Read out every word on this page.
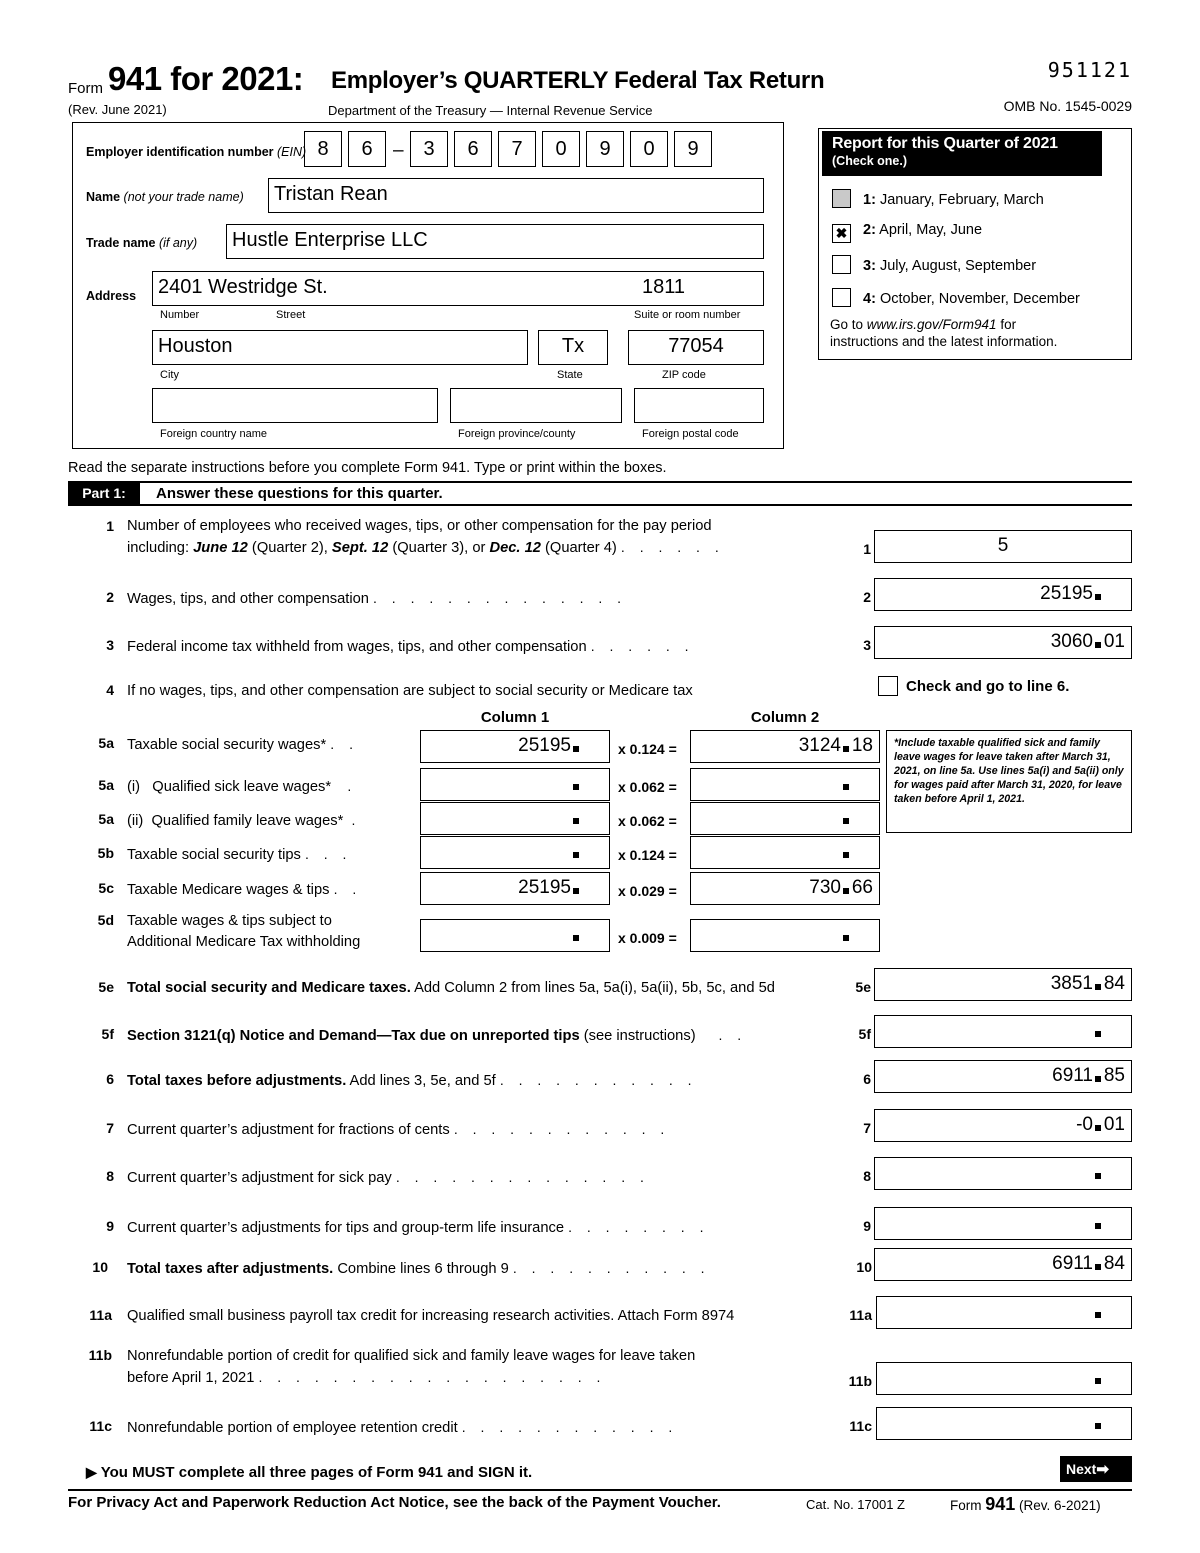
Form 941 for 2021: Employer’s QUARTERLY Federal Tax Return
(Rev. June 2021)	Department of the Treasury — Internal Revenue Service
951121
OMB No. 1545-0029
Employer identification number (EIN) 8	6	– 3	6	7	0	9	0	9
Name (not your trade name) Tristan Rean
Trade name (if any) Hustle Enterprise LLC
Address 2401 Westridge St.	1811
Number	Street	Suite or room number
Houston	Tx	77054
City	State	ZIP code
Foreign country name	Foreign province/county	Foreign postal code
Report for this Quarter of 2021
(Check one.)
1: January, February, March
✖ 2: April, May, June
3: July, August, September
4: October, November, December
Go to www.irs.gov/Form941 for
instructions and the latest information.
Read the separate instructions before you complete Form 941. Type or print within the boxes.
Part 1:	Answer these questions for this quarter.
1 Number of employees who received wages, tips, or other compensation for the pay period
including: June 12 (Quarter 2), Sept. 12 (Quarter 3), or Dec. 12 (Quarter 4) . . . . . .	1	5
2 Wages, tips, and other compensation . . . . . . . . . . . . . .	2	25195
3 Federal income tax withheld from wages, tips, and other compensation . . . . . .	3	3060 01
4 If no wages, tips, and other compensation are subject to social security or Medicare tax	Check and go to line 6.
Column 1	Column 2
5a Taxable social security wages* . .	25195	x 0.124 =	3124 18	*Include taxable qualified sick and family leave wages for leave taken after March 31, 2021, on line 5a. Use lines 5a(i) and 5a(ii) only for wages paid after March 31, 2020, for leave taken before April 1, 2021.
5a (i) Qualified sick leave wages* .	x 0.062 =
5a (ii) Qualified family leave wages* .	x 0.062 =
5b Taxable social security tips . . .	x 0.124 =
5c Taxable Medicare wages & tips . .	25195	x 0.029 =	730 66
5d Taxable wages & tips subject to
Additional Medicare Tax withholding	x 0.009 =
5e Total social security and Medicare taxes. Add Column 2 from lines 5a, 5a(i), 5a(ii), 5b, 5c, and 5d	5e	3851 84
5f Section 3121(q) Notice and Demand—Tax due on unreported tips (see instructions)   . .	5f
6 Total taxes before adjustments. Add lines 3, 5e, and 5f . . . . . . . . . . .	6	6911 85
7 Current quarter’s adjustment for fractions of cents . . . . . . . . . . . .	7	-0 01
8 Current quarter’s adjustment for sick pay . . . . . . . . . . . . . .	8
9 Current quarter’s adjustments for tips and group-term life insurance . . . . . . . .	9
10 Total taxes after adjustments. Combine lines 6 through 9 . . . . . . . . . . .	10	6911 84
11a Qualified small business payroll tax credit for increasing research activities. Attach Form 8974	11a
11b Nonrefundable portion of credit for qualified sick and family leave wages for leave taken
before April 1, 2021 . . . . . . . . . . . . . . . . . . .	11b
11c Nonrefundable portion of employee retention credit . . . . . . . . . . . .	11c
▶ You MUST complete all three pages of Form 941 and SIGN it.	Next➡
For Privacy Act and Paperwork Reduction Act Notice, see the back of the Payment Voucher.	Cat. No. 17001 Z	Form 941 (Rev. 6-2021)
